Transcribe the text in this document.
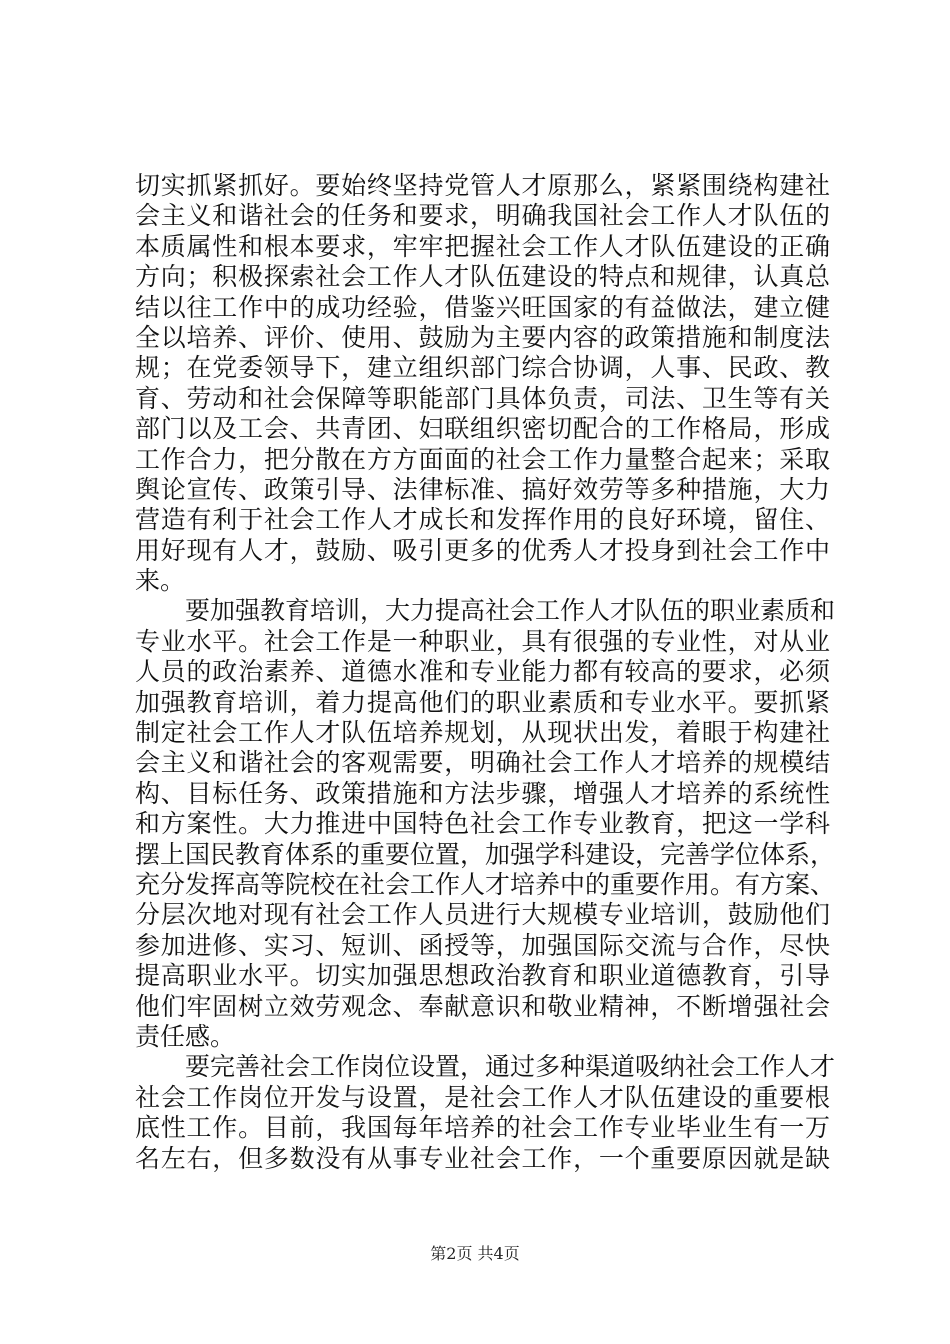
切实抓紧抓好。要始终坚持党管人才原那么，紧紧围绕构建社
会主义和谐社会的任务和要求，明确我国社会工作人才队伍的
本质属性和根本要求，牢牢把握社会工作人才队伍建设的正确
方向；积极探索社会工作人才队伍建设的特点和规律，认真总
结以往工作中的成功经验，借鉴兴旺国家的有益做法，建立健
全以培养、评价、使用、鼓励为主要内容的政策措施和制度法
规；在党委领导下，建立组织部门综合协调，人事、民政、教
育、劳动和社会保障等职能部门具体负责，司法、卫生等有关
部门以及工会、共青团、妇联组织密切配合的工作格局，形成
工作合力，把分散在方方面面的社会工作力量整合起来；采取
舆论宣传、政策引导、法律标准、搞好效劳等多种措施，大力
营造有利于社会工作人才成长和发挥作用的良好环境，留住、
用好现有人才，鼓励、吸引更多的优秀人才投身到社会工作中
来。
　　要加强教育培训，大力提高社会工作人才队伍的职业素质和
专业水平。社会工作是一种职业，具有很强的专业性，对从业
人员的政治素养、道德水准和专业能力都有较高的要求，必须
加强教育培训，着力提高他们的职业素质和专业水平。要抓紧
制定社会工作人才队伍培养规划，从现状出发，着眼于构建社
会主义和谐社会的客观需要，明确社会工作人才培养的规模结
构、目标任务、政策措施和方法步骤，增强人才培养的系统性
和方案性。大力推进中国特色社会工作专业教育，把这一学科
摆上国民教育体系的重要位置，加强学科建设，完善学位体系，
充分发挥高等院校在社会工作人才培养中的重要作用。有方案、
分层次地对现有社会工作人员进行大规模专业培训，鼓励他们
参加进修、实习、短训、函授等，加强国际交流与合作，尽快
提高职业水平。切实加强思想政治教育和职业道德教育，引导
他们牢固树立效劳观念、奉献意识和敬业精神，不断增强社会
责任感。
　　要完善社会工作岗位设置，通过多种渠道吸纳社会工作人才
社会工作岗位开发与设置，是社会工作人才队伍建设的重要根
底性工作。目前，我国每年培养的社会工作专业毕业生有一万
名左右，但多数没有从事专业社会工作，一个重要原因就是缺
第2页 共4页
